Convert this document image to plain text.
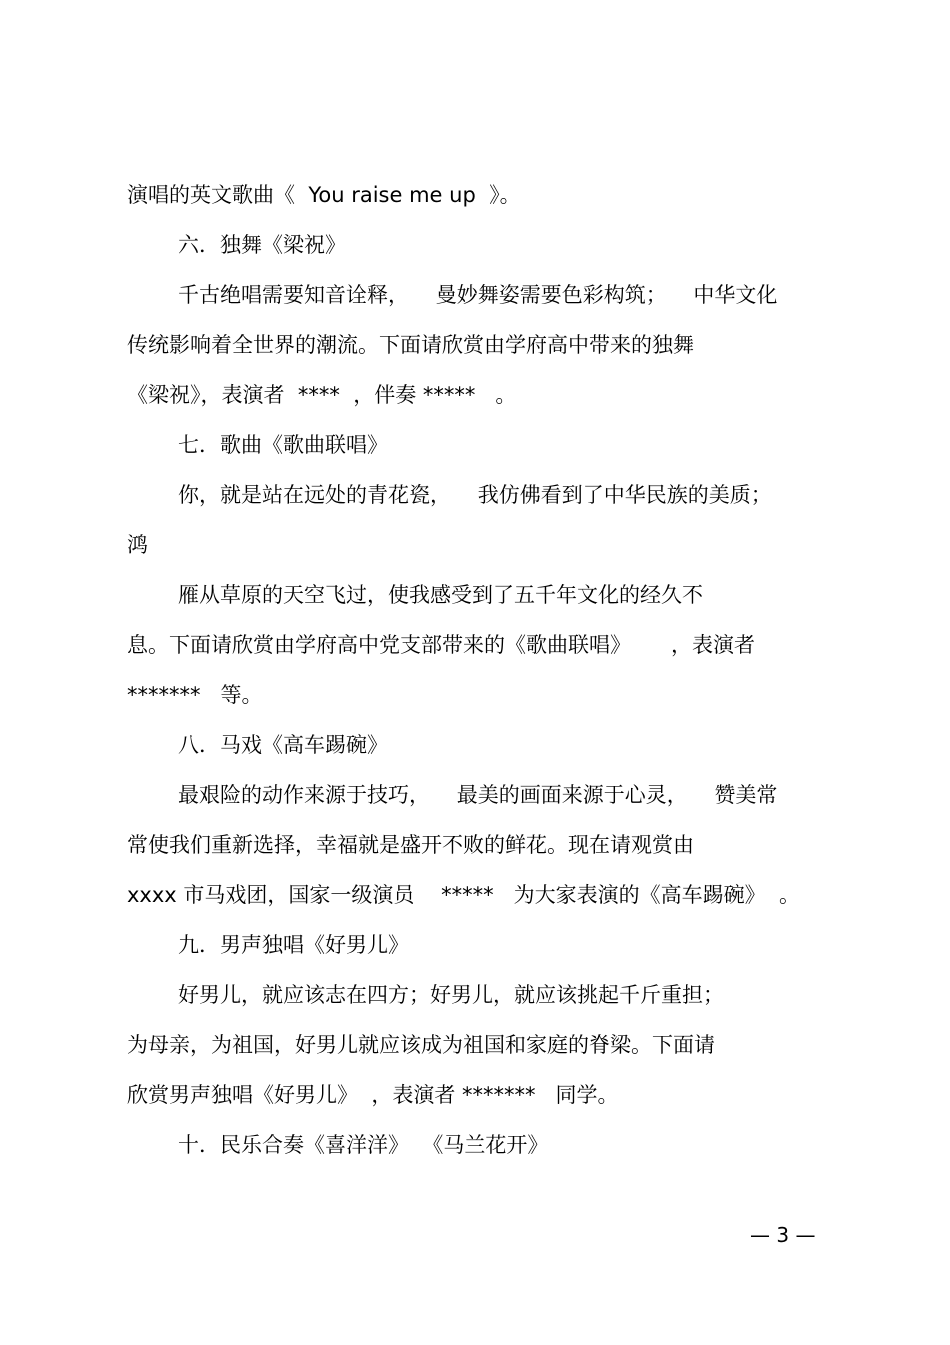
演唱的英文歌曲《  You raise me up  》。

六．独舞《梁祝》

千古绝唱需要知音诠释，    曼妙舞姿需要色彩构筑；    中华文化

传统影响着全世界的潮流。下面请欣赏由学府高中带来的独舞

《梁祝》，表演者  ****  ，伴奏 *****   。

七．歌曲《歌曲联唱》

你，就是站在远处的青花瓷，    我仿佛看到了中华民族的美质；

鸿

雁从草原的天空飞过，使我感受到了五千年文化的经久不

息。下面请欣赏由学府高中党支部带来的《歌曲联唱》      ，表演者

*******   等。

八．马戏《高车踢碗》

最艰险的动作来源于技巧，    最美的画面来源于心灵，    赞美常

常使我们重新选择，幸福就是盛开不败的鲜花。现在请观赏由

xxxx 市马戏团，国家一级演员    *****   为大家表演的《高车踢碗》  。

九．男声独唱《好男儿》

好男儿，就应该志在四方；好男儿，就应该挑起千斤重担；

为母亲，为祖国，好男儿就应该成为祖国和家庭的脊梁。下面请

欣赏男声独唱《好男儿》  ，表演者 *******   同学。

十．民乐合奏《喜洋洋》  《马兰花开》

— 3 —
